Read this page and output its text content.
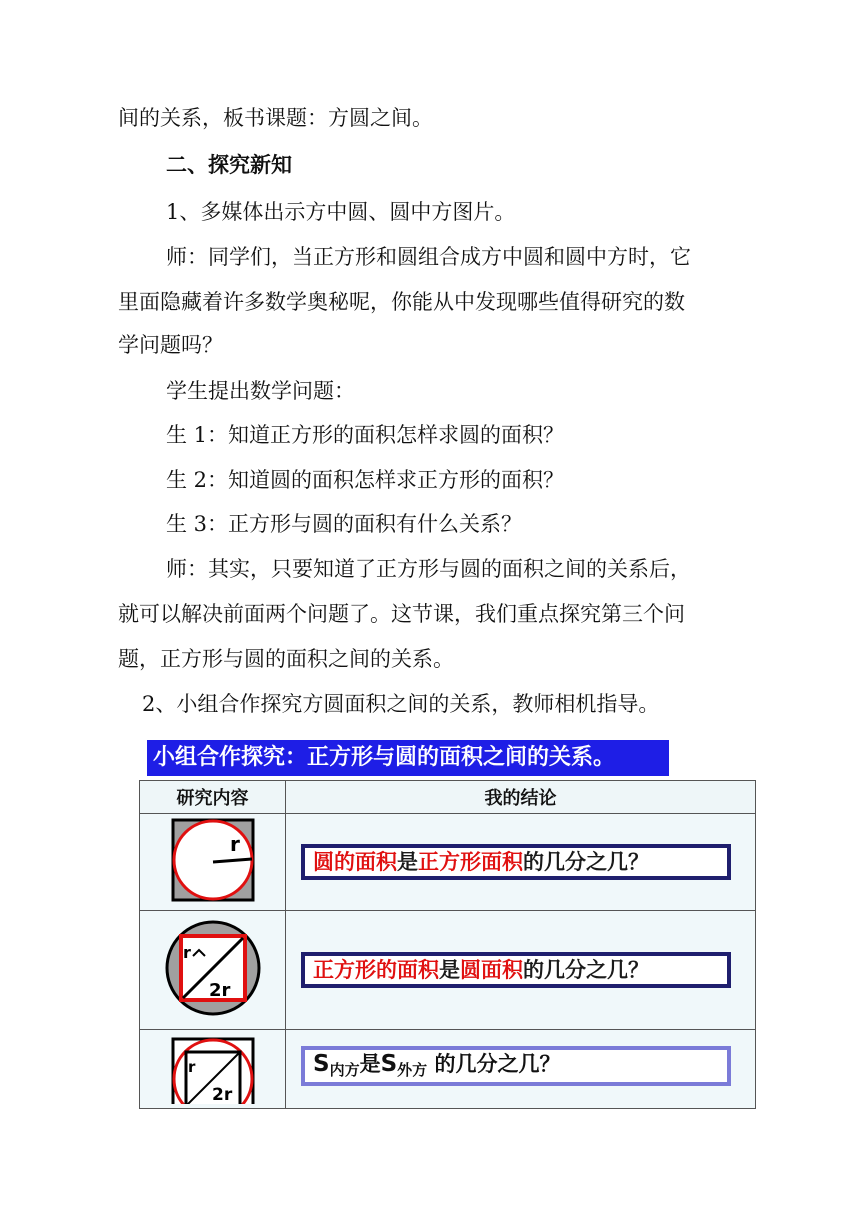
间的关系，板书课题：方圆之间。
二、探究新知
1、多媒体出示方中圆、圆中方图片。
师：同学们，当正方形和圆组合成方中圆和圆中方时，它
里面隐藏着许多数学奥秘呢，你能从中发现哪些值得研究的数
学问题吗？
学生提出数学问题：
生 1：知道正方形的面积怎样求圆的面积？
生 2：知道圆的面积怎样求正方形的面积？
生 3：正方形与圆的面积有什么关系？
师：其实，只要知道了正方形与圆的面积之间的关系后，
就可以解决前面两个问题了。这节课，我们重点探究第三个问
题，正方形与圆的面积之间的关系。
2、小组合作探究方圆面积之间的关系，教师相机指导。
小组合作探究：正方形与圆的面积之间的关系。
研究内容	我的结论

r	圆的面积是正方形面积的几分之几？

r
2r	正方形的面积是圆面积的几分之几？

r
2r	$S_{内方}$是$S_{外方}$ 的几分之几？
